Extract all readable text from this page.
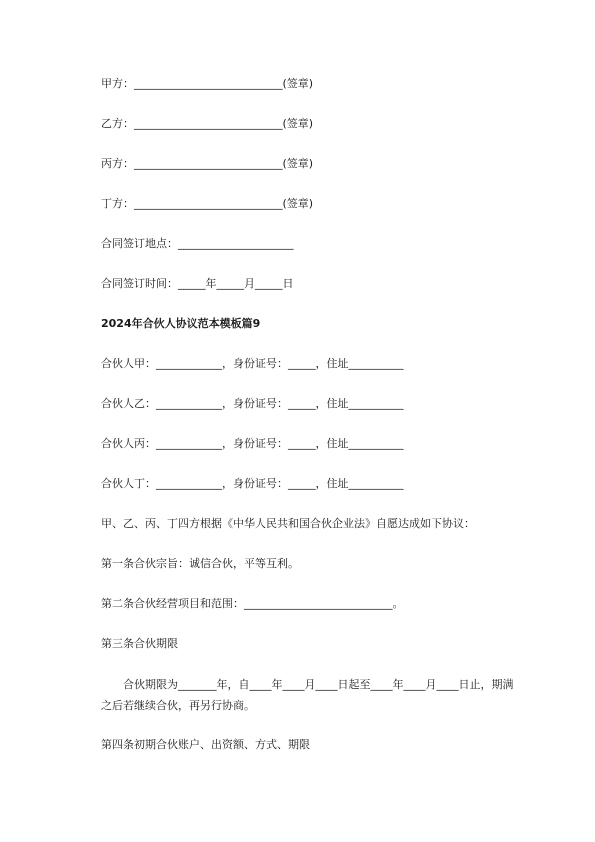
甲方：___________________________(签章)
乙方：___________________________(签章)
丙方：___________________________(签章)
丁方：___________________________(签章)
合同签订地点：_____________________
合同签订时间：_____年_____月_____日
2024年合伙人协议范本模板篇9
合伙人甲：____________，身份证号：_____，住址__________
合伙人乙：____________，身份证号：_____，住址__________
合伙人丙：____________，身份证号：_____，住址__________
合伙人丁：____________，身份证号：_____，住址__________
甲、乙、丙、丁四方根据《中华人民共和国合伙企业法》自愿达成如下协议：
第一条合伙宗旨：诚信合伙，平等互利。
第二条合伙经营项目和范围：___________________________。
第三条合伙期限
合伙期限为_______年，自____年____月____日起至____年____月____日止，期满之后若继续合伙，再另行协商。
第四条初期合伙账户、出资额、方式、期限
